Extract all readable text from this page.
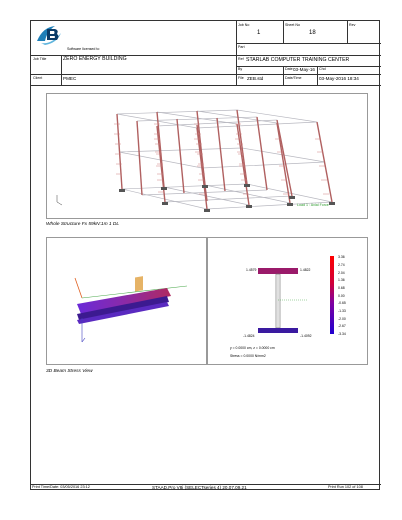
Software licensed to
Job No
1
Sheet No
18
Rev
Part
Job Title	ZERO ENERGY BUILDING	Ref STARLAB COMPUTER TRAINING CENTER
By	Date 03-May-16 Chd
Client	PMEC	File ZEB.std	Date/Time	03-May-2016 18:34
Load 1 : Axial Force
Whole Structure Fx 59kN:1m 1 DL
1.4579	1.4822
-1.4824	-1.4092
y = 0.0000 cm, z = 0.0000 cm
Stress = 0.0000 N/mm2
3.36
2.74
2.04
1.36
0.68
0.00
-0.65
-1.33
-2.00
-2.67
-3.34
3D Beam Stress View
Print Time/Date: 03/05/2016 23:12	STAAD.Pro V8i (SELECTseries 4) 20.07.09.21	Print Run 102 of 108
